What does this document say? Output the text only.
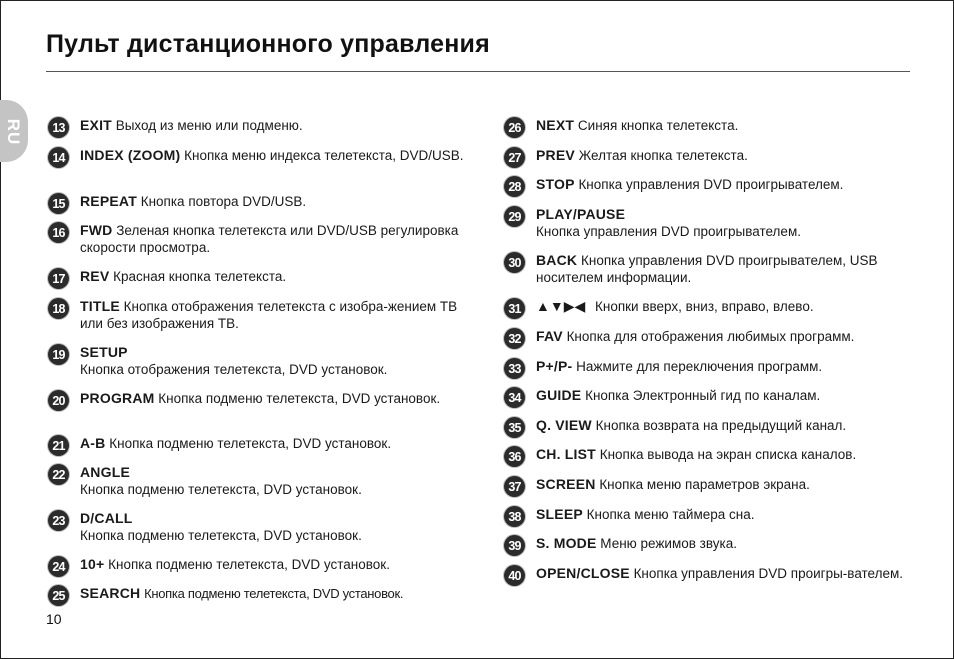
Пульт дистанционного управления
RU	13	EXIT Выход из меню или подменю.
14	INDEX (ZOOM) Кнопка меню индекса телетекста, DVD/USB.
15	REPEAT Кнопка повтора DVD/USB.
16	FWD Зеленая кнопка телетекста или DVD/USB регулировка скорости просмотра.
17	REV Красная кнопка телетекста.
18	TITLE Кнопка отображения телетекста с изобра-жением ТВ или без изображения ТВ.
19	SETUP
Кнопка отображения телетекста, DVD установок.
20	PROGRAM Кнопка подменю телетекста, DVD установок.
21	A-B Кнопка подменю телетекста, DVD установок.
22	ANGLE
Кнопка подменю телетекста, DVD установок.
23	D/CALL
Кнопка подменю телетекста, DVD установок.
24	10+ Кнопка подменю телетекста, DVD установок.
25	SEARCH Кнопка подменю телетекста, DVD установок.
26	NEXT Синяя кнопка телетекста.
27	PREV Желтая кнопка телетекста.
28	STOP Кнопка управления DVD проигрывателем.
29	PLAY/PAUSE
Кнопка управления DVD проигрывателем.
30	BACK Кнопка управления DVD проигрывателем, USB носителем информации.
31	▲▼▶◀ Кнопки вверх, вниз, вправо, влево.
32	FAV Кнопка для отображения любимых программ.
33	P+/P- Нажмите для переключения программ.
34	GUIDE Кнопка Электронный гид по каналам.
35	Q. VIEW Кнопка возврата на предыдущий канал.
36	CH. LIST Кнопка вывода на экран списка каналов.
37	SCREEN Кнопка меню параметров экрана.
38	SLEEP Кнопка меню таймера сна.
39	S. MODE Меню режимов звука.
40	OPEN/CLOSE Кнопка управления DVD проигры-вателем.
10
